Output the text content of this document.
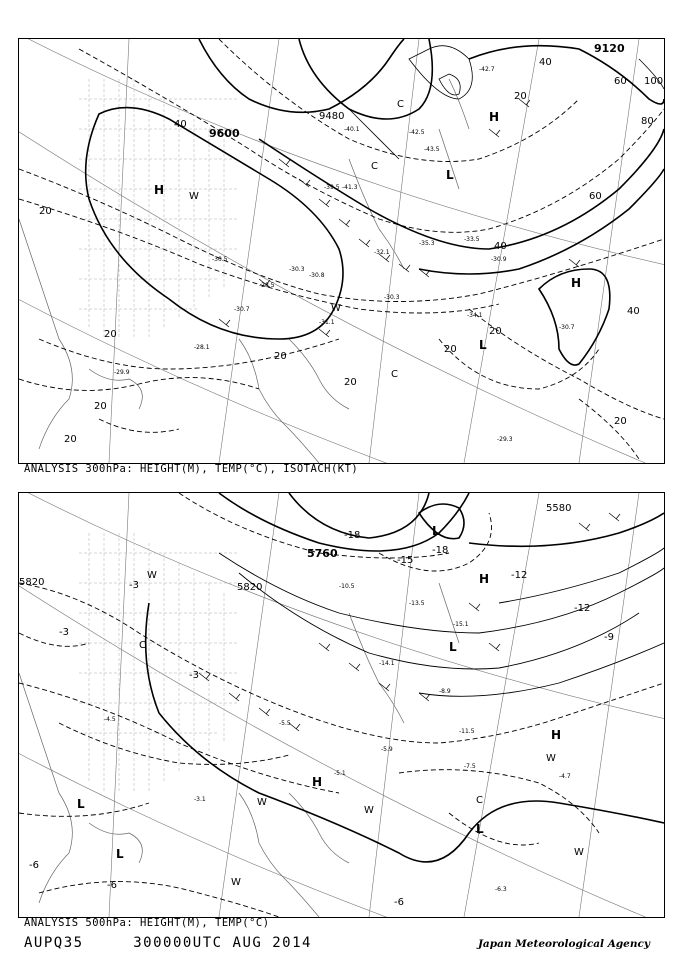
9600
9120
9480
40
20
20
20
20
20
20
20
40
60
40
60
80
100
40
20
20
20
H
H
H
L
L
C
C
C
W
W
-30.5
-30.3
-30.8
-31.1
-30.7
-30.3
-28.5
-32.1
-33.5
-35.3
-42.7
-43.5
-39.5
-40.1
-41.3
-42.5
-30.9
-30.7
-34.1
-29.3
-28.1
-29.9
ANALYSIS 300hPa: HEIGHT(M), TEMP(°C), ISOTACH(KT)
5820	5820
5760
5580
-3
-3
-3
-6
-6
-6
-9
-12
-12
-15
-18
-18
-13.5
-14.1
-5.5
-7.5
-4.7
-6.3
-5.1
-5.9
-4.5
-3.1
-8.9
-11.5
-15.1
-10.5
H
H
H
L
L
L
L
L
C
C
W
W
W
W
W
W
ANALYSIS 500hPa: HEIGHT(M), TEMP(°C)
AUPQ35	300000UTC AUG 2014	Japan Meteorological Agency
